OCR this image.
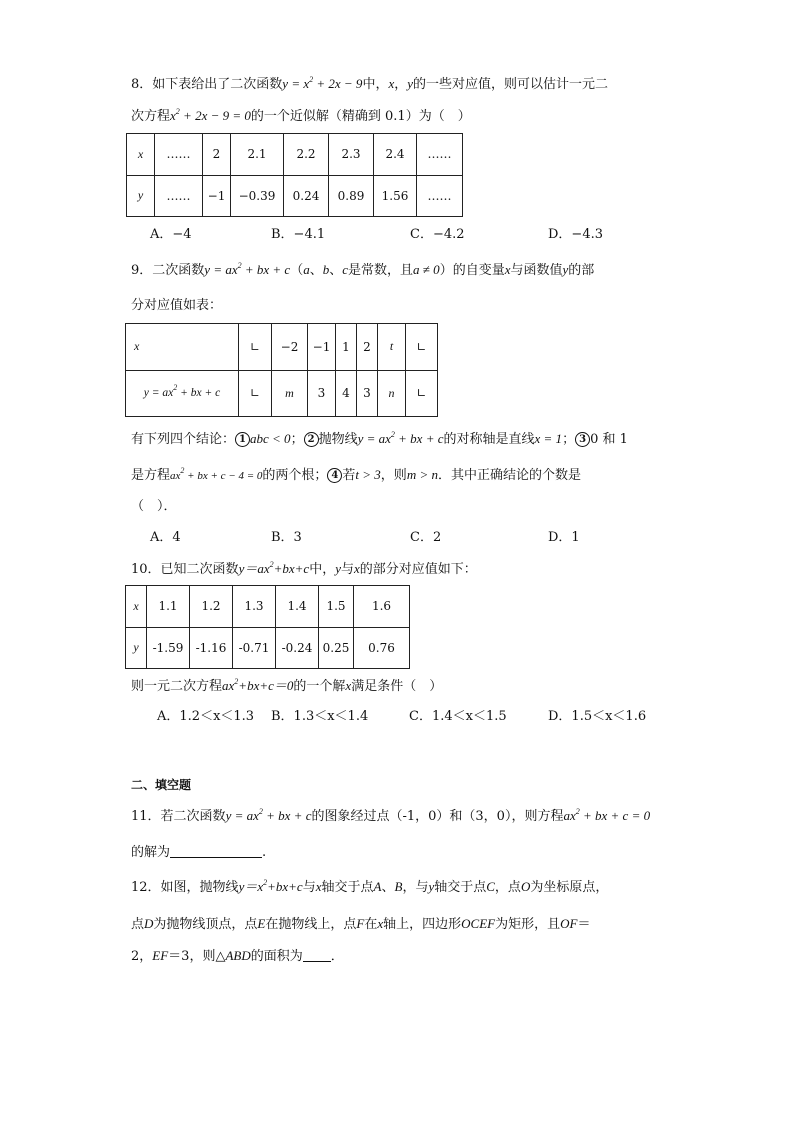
8．如下表给出了二次函数$y = x^2 + 2x - 9$中，x，y的一些对应值，则可以估计一元二
次方程$x^2 + 2x - 9 = 0$的一个近似解（精确到 0.1）为（　）
x	……	2	2.1	2.2	2.3	2.4	……
y	……	−1	−0.39	0.24	0.89	1.56	……
A．−4	B．−4.1	C．−4.2	D．−4.3
9．二次函数$y = ax^2$ + bx + c（a、b、c是常数，且a ≠ 0）的自变量x与函数值y的部
分对应值如表：
x	∟	−2	−1	1	2	t	∟
$y = ax^2$ + bx + c	∟	m	3	4	3	n	∟
有下列四个结论： 1 abc < 0； 2 抛物线$y = ax^2$ + bx + c的对称轴是直线x = 1； 3 0 和 1
是方程$ax^2$ + bx + c − 4 = 0的两个根； 4 若t > 3，则m > n．其中正确结论的个数是
（　）．
A．4	B．3	C．2	D．1
10．已知二次函数$y=ax^2+bx+c$中，y与x的部分对应值如下：
x	1.1	1.2	1.3	1.4	1.5	1.6
y	-1.59	-1.16	-0.71	-0.24	0.25	0.76
则一元二次方程$ax^2+bx+c=0$的一个解x满足条件（　）
A．1.2＜x＜1.3 B．1.3＜x＜1.4	C．1.4＜x＜1.5	D．1.5＜x＜1.6
二、填空题
11．若二次函数$y = ax^2$ + bx + c的图象经过点（-1，0）和（3，0），则方程$ax^2$ + bx + c = 0
的解为	.
12．如图，抛物线$y=x^2+bx+c$与x轴交于点A、B，与y轴交于点C，点O为坐标原点，
点D为抛物线顶点，点E在抛物线上，点F在x轴上，四边形OCEF为矩形，且OF＝
2，EF＝3，则△ABD的面积为 ．
